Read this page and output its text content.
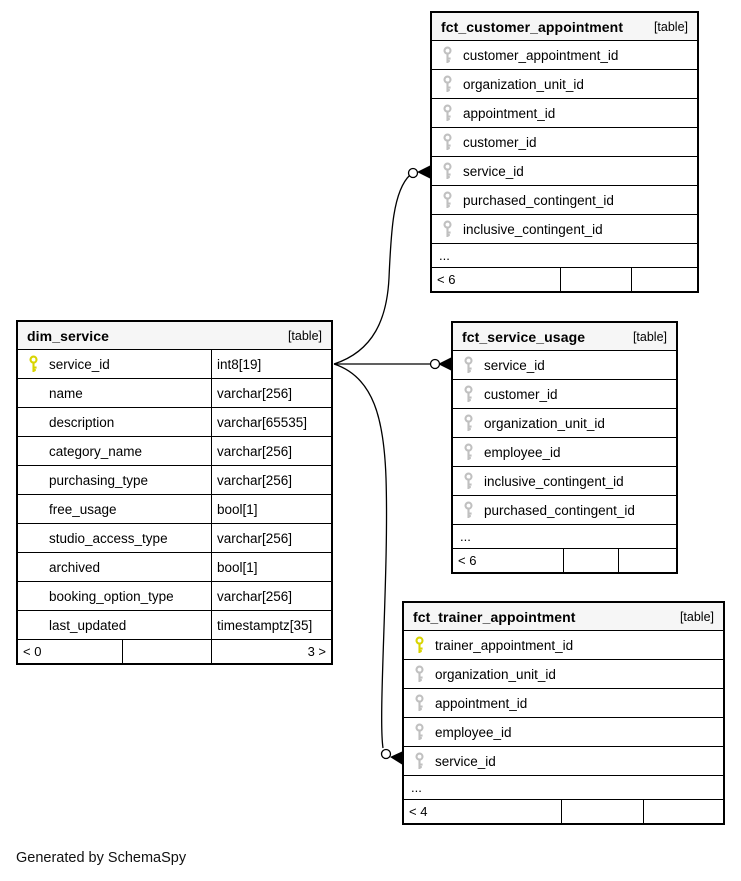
fct_customer_appointment [table]
customer_appointment_id
organization_unit_id
appointment_id
customer_id
service_id
purchased_contingent_id
inclusive_contingent_id
...
< 6
dim_service	[table]
service_id	int8[19]
name	varchar[256]
description	varchar[65535]
category_name	varchar[256]
purchasing_type	varchar[256]
free_usage	bool[1]
studio_access_type	varchar[256]
archived	bool[1]
booking_option_type	varchar[256]
last_updated	timestamptz[35]
< 0	3 >
fct_service_usage	[table]
service_id
customer_id
organization_unit_id
employee_id
inclusive_contingent_id
purchased_contingent_id
...
< 6
fct_trainer_appointment	[table]
trainer_appointment_id
organization_unit_id
appointment_id
employee_id
service_id
...
< 4
Generated by SchemaSpy
